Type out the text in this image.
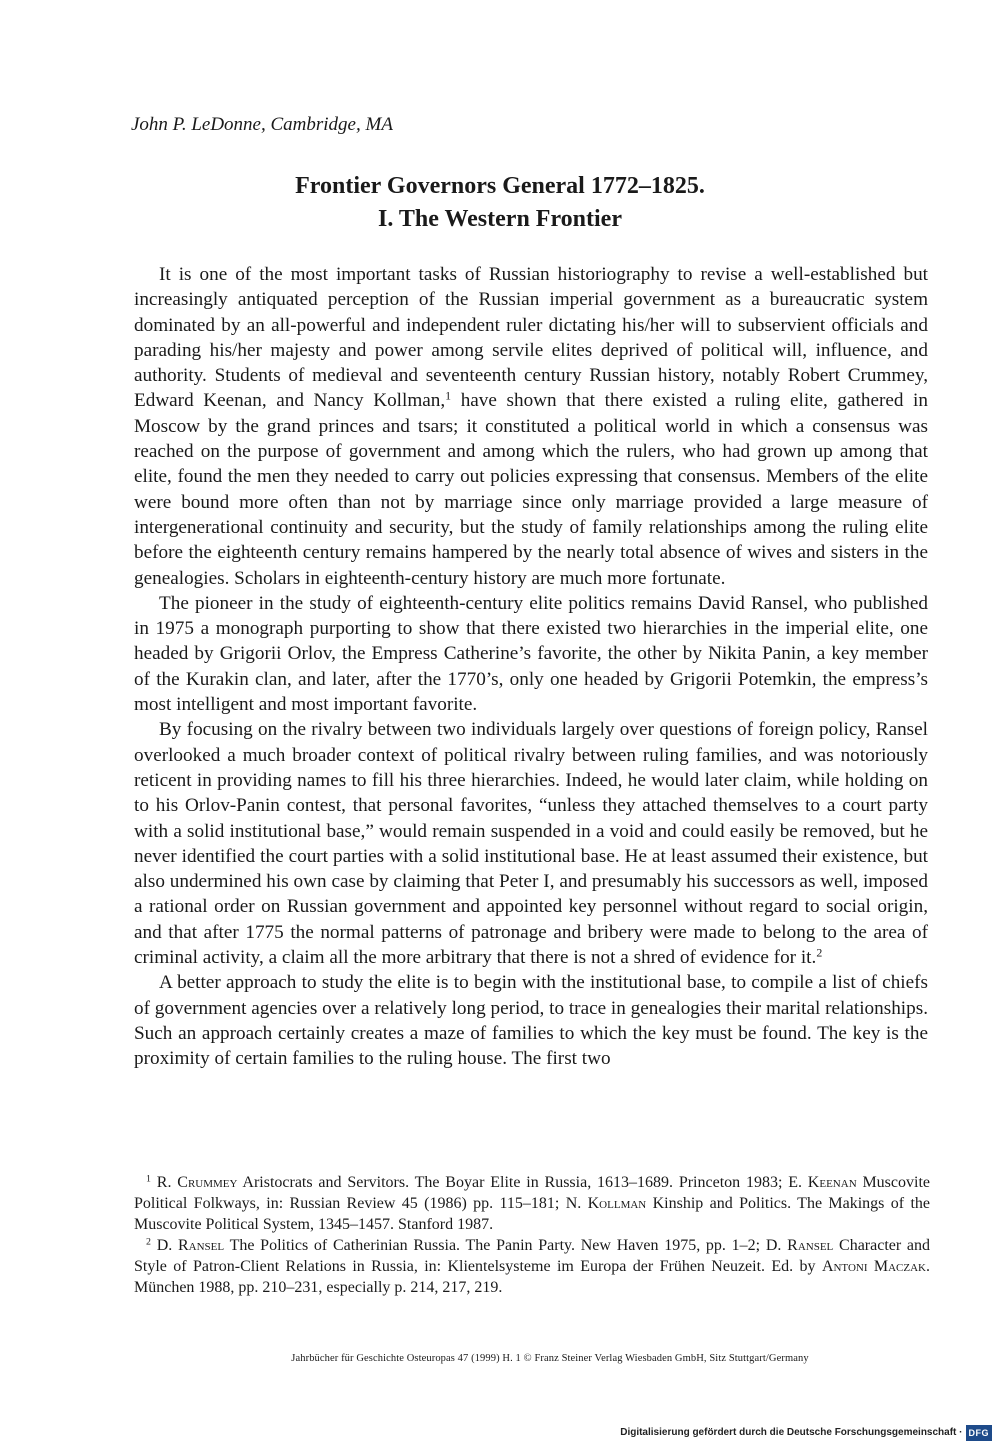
John P. LeDonne, Cambridge, MA
Frontier Governors General 1772–1825.
I. The Western Frontier

It is one of the most important tasks of Russian historiography to revise a well-established but increasingly antiquated perception of the Russian imperial government as a bureaucratic system dominated by an all-powerful and independent ruler dictating his/her will to subservient officials and parading his/her majesty and power among servile elites deprived of political will, influence, and authority. Students of medieval and seventeenth century Russian history, notably Robert Crummey, Edward Keenan, and Nancy Kollman,$^1$ have shown that there existed a ruling elite, gathered in Moscow by the grand princes and tsars; it constituted a political world in which a consensus was reached on the purpose of government and among which the rulers, who had grown up among that elite, found the men they needed to carry out policies expressing that consensus. Members of the elite were bound more often than not by marriage since only marriage provided a large measure of intergenerational continuity and security, but the study of family relationships among the ruling elite before the eighteenth century remains hampered by the nearly total absence of wives and sisters in the genealogies. Scholars in eighteenth-century history are much more fortunate.

The pioneer in the study of eighteenth-century elite politics remains David Ransel, who published in 1975 a monograph purporting to show that there existed two hierarchies in the imperial elite, one headed by Grigorii Orlov, the Empress Catherine’s favorite, the other by Nikita Panin, a key member of the Kurakin clan, and later, after the 1770’s, only one headed by Grigorii Potemkin, the empress’s most intelligent and most important favorite.

By focusing on the rivalry between two individuals largely over questions of foreign policy, Ransel overlooked a much broader context of political rivalry between ruling families, and was notoriously reticent in providing names to fill his three hierarchies. Indeed, he would later claim, while holding on to his Orlov-Panin contest, that personal favorites, “unless they attached themselves to a court party with a solid institutional base,” would remain suspended in a void and could easily be removed, but he never identified the court parties with a solid institutional base. He at least assumed their existence, but also undermined his own case by claiming that Peter I, and presumably his successors as well, imposed a rational order on Russian government and appointed key personnel without regard to social origin, and that after 1775 the normal patterns of patronage and bribery were made to belong to the area of criminal activity, a claim all the more arbitrary that there is not a shred of evidence for it.$^2$

A better approach to study the elite is to begin with the institutional base, to compile a list of chiefs of government agencies over a relatively long period, to trace in genealogies their marital relationships. Such an approach certainly creates a maze of families to which the key must be found. The key is the proximity of certain families to the ruling house. The first two

$^1$ R. Crummey Aristocrats and Servitors. The Boyar Elite in Russia, 1613–1689. Princeton 1983; E. Keenan Muscovite Political Folkways, in: Russian Review 45 (1986) pp. 115–181; N. Kollman Kinship and Politics. The Makings of the Muscovite Political System, 1345–1457. Stanford 1987.

$^2$ D. Ransel The Politics of Catherinian Russia. The Panin Party. New Haven 1975, pp. 1–2; D. Ransel Character and Style of Patron-Client Relations in Russia, in: Klientelsysteme im Europa der Frühen Neuzeit. Ed. by Antoni Maczak. München 1988, pp. 210–231, especially p. 214, 217, 219.

Jahrbücher für Geschichte Osteuropas 47 (1999) H. 1 © Franz Steiner Verlag Wiesbaden GmbH, Sitz Stuttgart/Germany
Digitalisierung gefördert durch die Deutsche Forschungsgemeinschaft · DFG
